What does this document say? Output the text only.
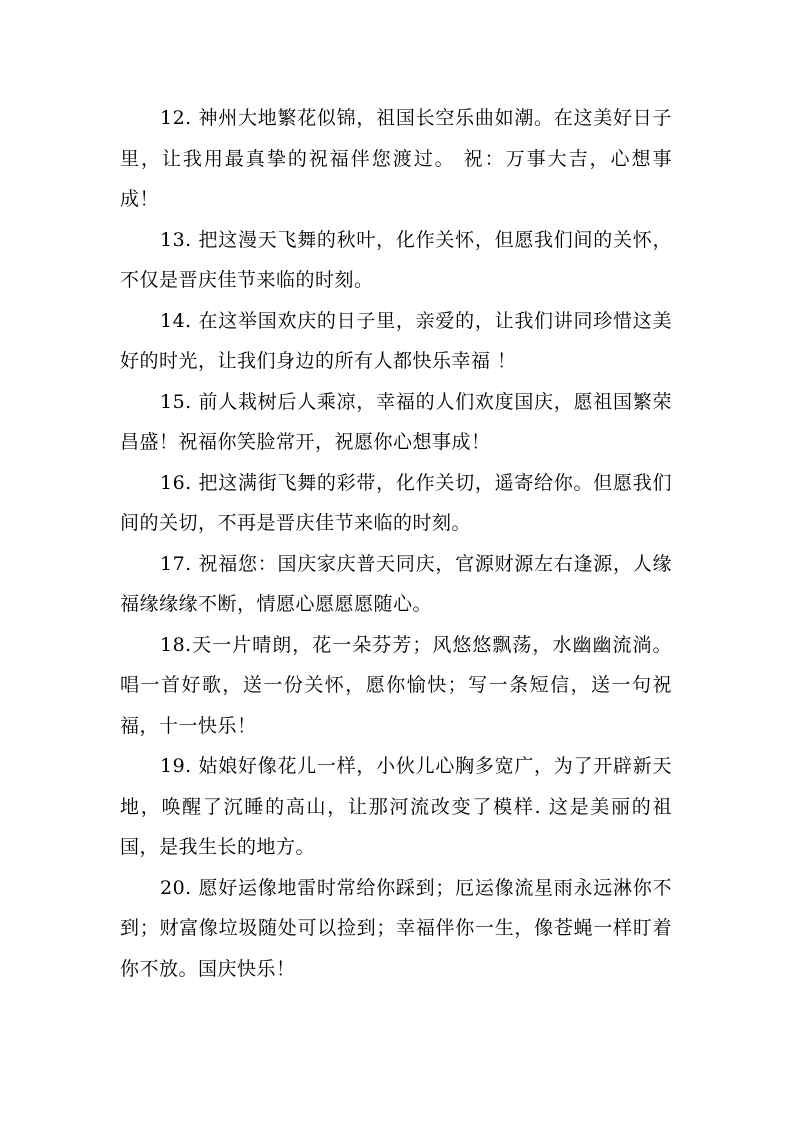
12. 神州大地繁花似锦，祖国长空乐曲如潮。在这美好日子里，让我用最真挚的祝福伴您渡过。 祝：万事大吉，心想事成！

13. 把这漫天飞舞的秋叶，化作关怀，但愿我们间的关怀，不仅是晋庆佳节来临的时刻。

14. 在这举国欢庆的日子里，亲爱的，让我们讲同珍惜这美好的时光，让我们身边的所有人都快乐幸福 ！

15. 前人栽树后人乘凉，幸福的人们欢度国庆，愿祖国繁荣昌盛！祝福你笑脸常开，祝愿你心想事成！

16. 把这满街飞舞的彩带，化作关切，遥寄给你。但愿我们间的关切，不再是晋庆佳节来临的时刻。

17. 祝福您：国庆家庆普天同庆，官源财源左右逢源，人缘福缘缘缘不断，情愿心愿愿愿随心。

18.天一片晴朗，花一朵芬芳；风悠悠飘荡，水幽幽流淌。唱一首好歌，送一份关怀，愿你愉快；写一条短信，送一句祝福，十一快乐！

19. 姑娘好像花儿一样，小伙儿心胸多宽广，为了开辟新天地，唤醒了沉睡的高山，让那河流改变了模样. 这是美丽的祖国，是我生长的地方。

20. 愿好运像地雷时常给你踩到；厄运像流星雨永远淋你不到；财富像垃圾随处可以捡到；幸福伴你一生，像苍蝇一样盯着你不放。国庆快乐！
